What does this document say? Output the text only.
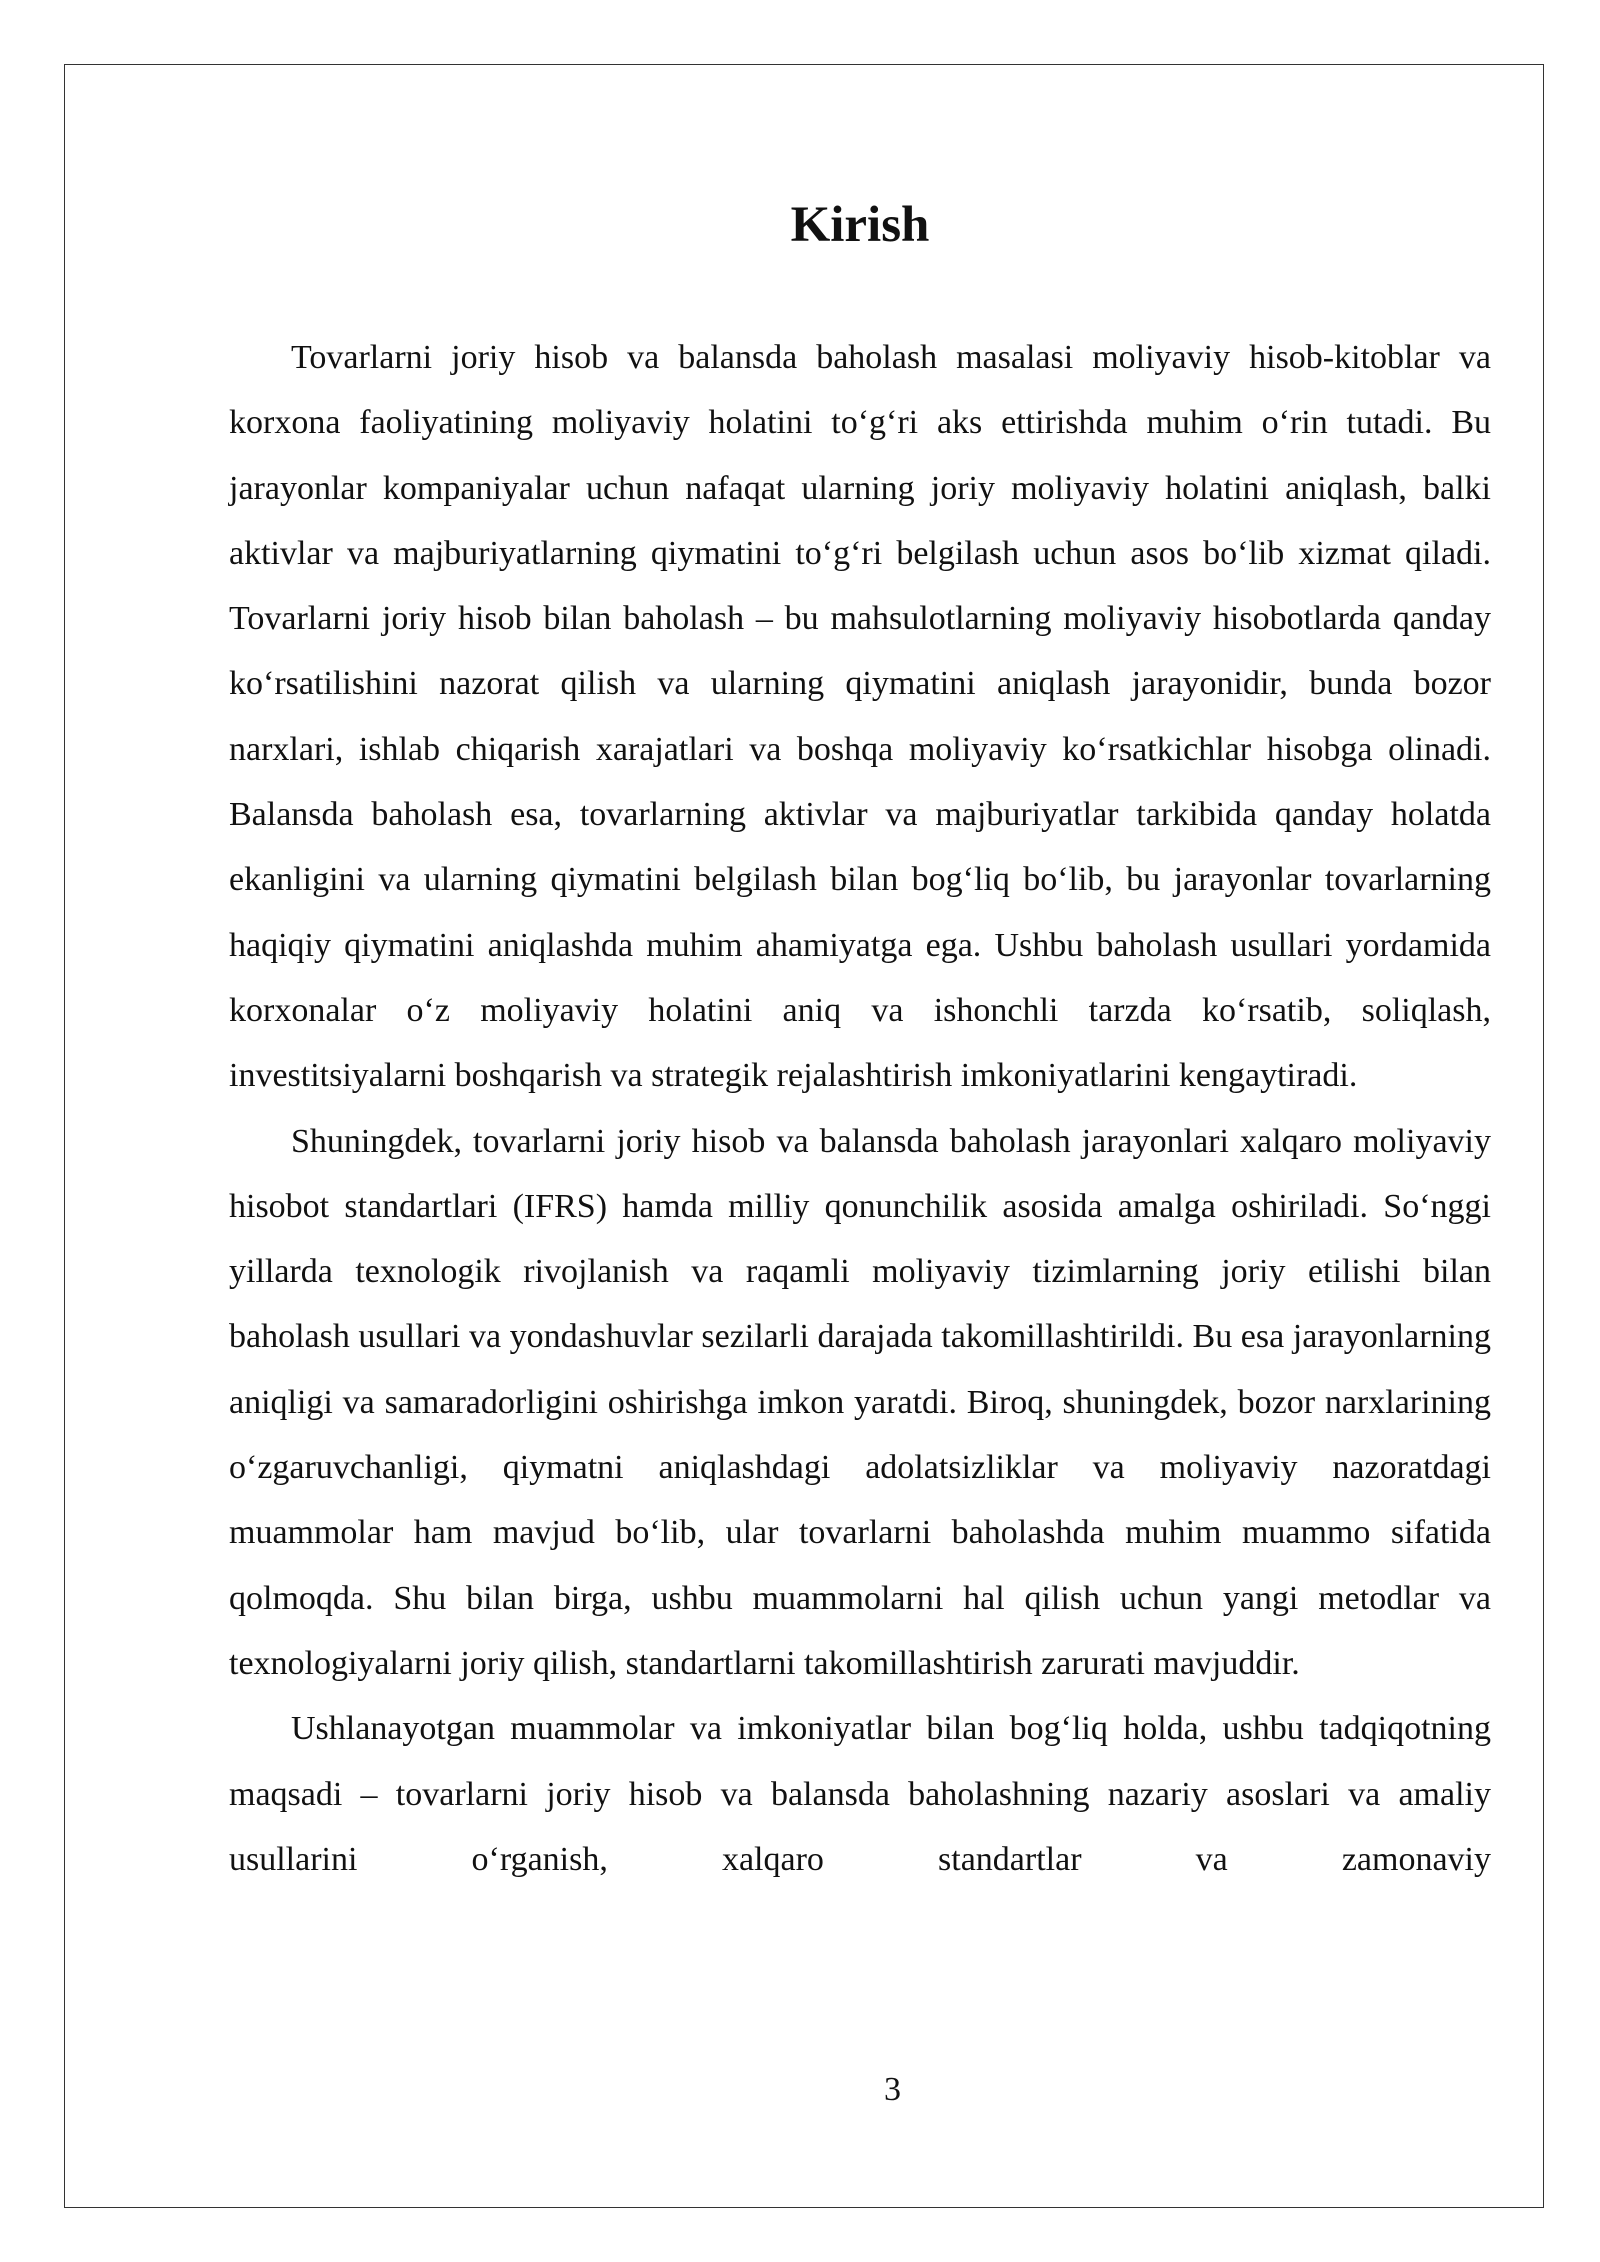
Kirish

Tovarlarni joriy hisob va balansda baholash masalasi moliyaviy hisob-kitoblar va korxona faoliyatining moliyaviy holatini to‘g‘ri aks ettirishda muhim o‘rin tutadi. Bu jarayonlar kompaniyalar uchun nafaqat ularning joriy moliyaviy holatini aniqlash, balki aktivlar va majburiyatlarning qiymatini to‘g‘ri belgilash uchun asos bo‘lib xizmat qiladi. Tovarlarni joriy hisob bilan baholash – bu mahsulotlarning moliyaviy hisobotlarda qanday ko‘rsatilishini nazorat qilish va ularning qiymatini aniqlash jarayonidir, bunda bozor narxlari, ishlab chiqarish xarajatlari va boshqa moliyaviy ko‘rsatkichlar hisobga olinadi. Balansda baholash esa, tovarlarning aktivlar va majburiyatlar tarkibida qanday holatda ekanligini va ularning qiymatini belgilash bilan bog‘liq bo‘lib, bu jarayonlar tovarlarning haqiqiy qiymatini aniqlashda muhim ahamiyatga ega. Ushbu baholash usullari yordamida korxonalar o‘z moliyaviy holatini aniq va ishonchli tarzda ko‘rsatib, soliqlash, investitsiyalarni boshqarish va strategik rejalashtirish imkoniyatlarini kengaytiradi.

Shuningdek, tovarlarni joriy hisob va balansda baholash jarayonlari xalqaro moliyaviy hisobot standartlari (IFRS) hamda milliy qonunchilik asosida amalga oshiriladi. So‘nggi yillarda texnologik rivojlanish va raqamli moliyaviy tizimlarning joriy etilishi bilan baholash usullari va yondashuvlar sezilarli darajada takomillashtirildi. Bu esa jarayonlarning aniqligi va samaradorligini oshirishga imkon yaratdi. Biroq, shuningdek, bozor narxlarining o‘zgaruvchanligi, qiymatni aniqlashdagi adolatsizliklar va moliyaviy nazoratdagi muammolar ham mavjud bo‘lib, ular tovarlarni baholashda muhim muammo sifatida qolmoqda. Shu bilan birga, ushbu muammolarni hal qilish uchun yangi metodlar va texnologiyalarni joriy qilish, standartlarni takomillashtirish zarurati mavjuddir.

Ushlanayotgan muammolar va imkoniyatlar bilan bog‘liq holda, ushbu tadqiqotning maqsadi – tovarlarni joriy hisob va balansda baholashning nazariy asoslari va amaliy usullarini o‘rganish, xalqaro standartlar va zamonaviy

3
